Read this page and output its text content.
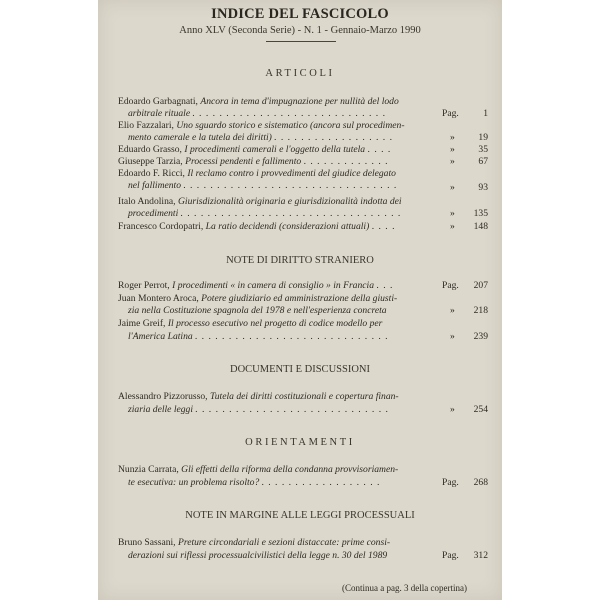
INDICE DEL FASCICOLO
Anno XLV (Seconda Serie) - N. 1 - Gennaio-Marzo 1990
ARTICOLI
Edoardo Garbagnati, Ancora in tema d'impugnazione per nullità del lodo
arbitrale rituale . . . . . . . . . . . . . . . . . . . . . . . . . . . . .	Pag.	1
Elio Fazzalari, Uno sguardo storico e sistematico (ancora sul procedimen-
mento camerale e la tutela dei diritti) . . . . . . . . . . . . . . . . . .	»	19
Eduardo Grasso, I procedimenti camerali e l'oggetto della tutela . . . .	»	35
Giuseppe Tarzia, Processi pendenti e fallimento . . . . . . . . . . . . .	»	67
Edoardo F. Ricci, Il reclamo contro i provvedimenti del giudice delegato
nel fallimento . . . . . . . . . . . . . . . . . . . . . . . . . . . . . . . .	»	93
Italo Andolina, Giurisdizionalità originaria e giurisdizionalità indotta dei
procedimenti . . . . . . . . . . . . . . . . . . . . . . . . . . . . . . . . .	» 135
Francesco Cordopatri, La ratio decidendi (considerazioni attuali) . . . .	» 148
NOTE DI DIRITTO STRANIERO
Roger Perrot, I procedimenti « in camera di consiglio » in Francia . . .	Pag. 207
Juan Montero Aroca, Potere giudiziario ed amministrazione della giusti-
zia nella Costituzione spagnola del 1978 e nell'esperienza concreta	» 218
Jaime Greif, Il processo esecutivo nel progetto di codice modello per
l'America Latina . . . . . . . . . . . . . . . . . . . . . . . . . . . . .	» 239
DOCUMENTI E DISCUSSIONI
Alessandro Pizzorusso, Tutela dei diritti costituzionali e copertura finan-
ziaria delle leggi . . . . . . . . . . . . . . . . . . . . . . . . . . . . .	» 254
ORIENTAMENTI
Nunzia Carrata, Gli effetti della riforma della condanna provvisoriamen-
te esecutiva: un problema risolto? . . . . . . . . . . . . . . . . . .	Pag. 268
NOTE IN MARGINE ALLE LEGGI PROCESSUALI
Bruno Sassani, Preture circondariali e sezioni distaccate: prime consi-
derazioni sui riflessi processualcivilistici della legge n. 30 del 1989	Pag. 312
(Continua a pag. 3 della copertina)
